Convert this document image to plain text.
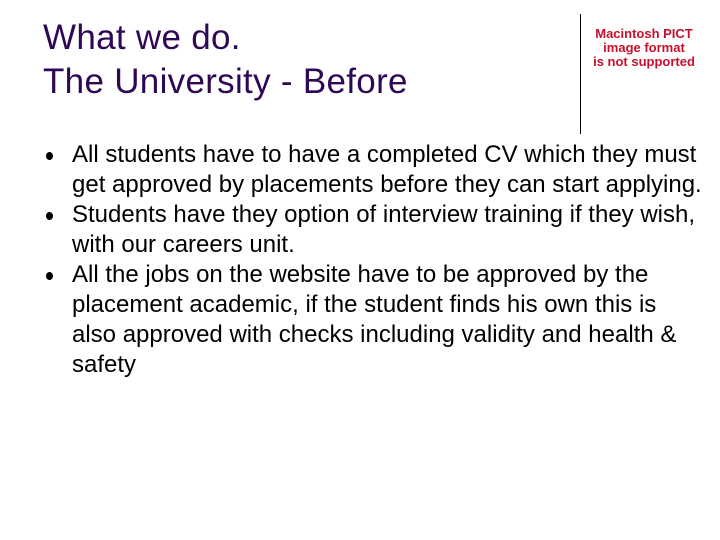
What we do.
The University - Before
Macintosh PICT
image format
is not supported
All students have to have a completed CV which they must get approved by placements before they can start applying.
Students have they option of interview training if they wish, with our careers unit.
All the jobs on the website have to be approved by the placement academic, if the student finds his own this is also approved with checks including validity and health & safety
